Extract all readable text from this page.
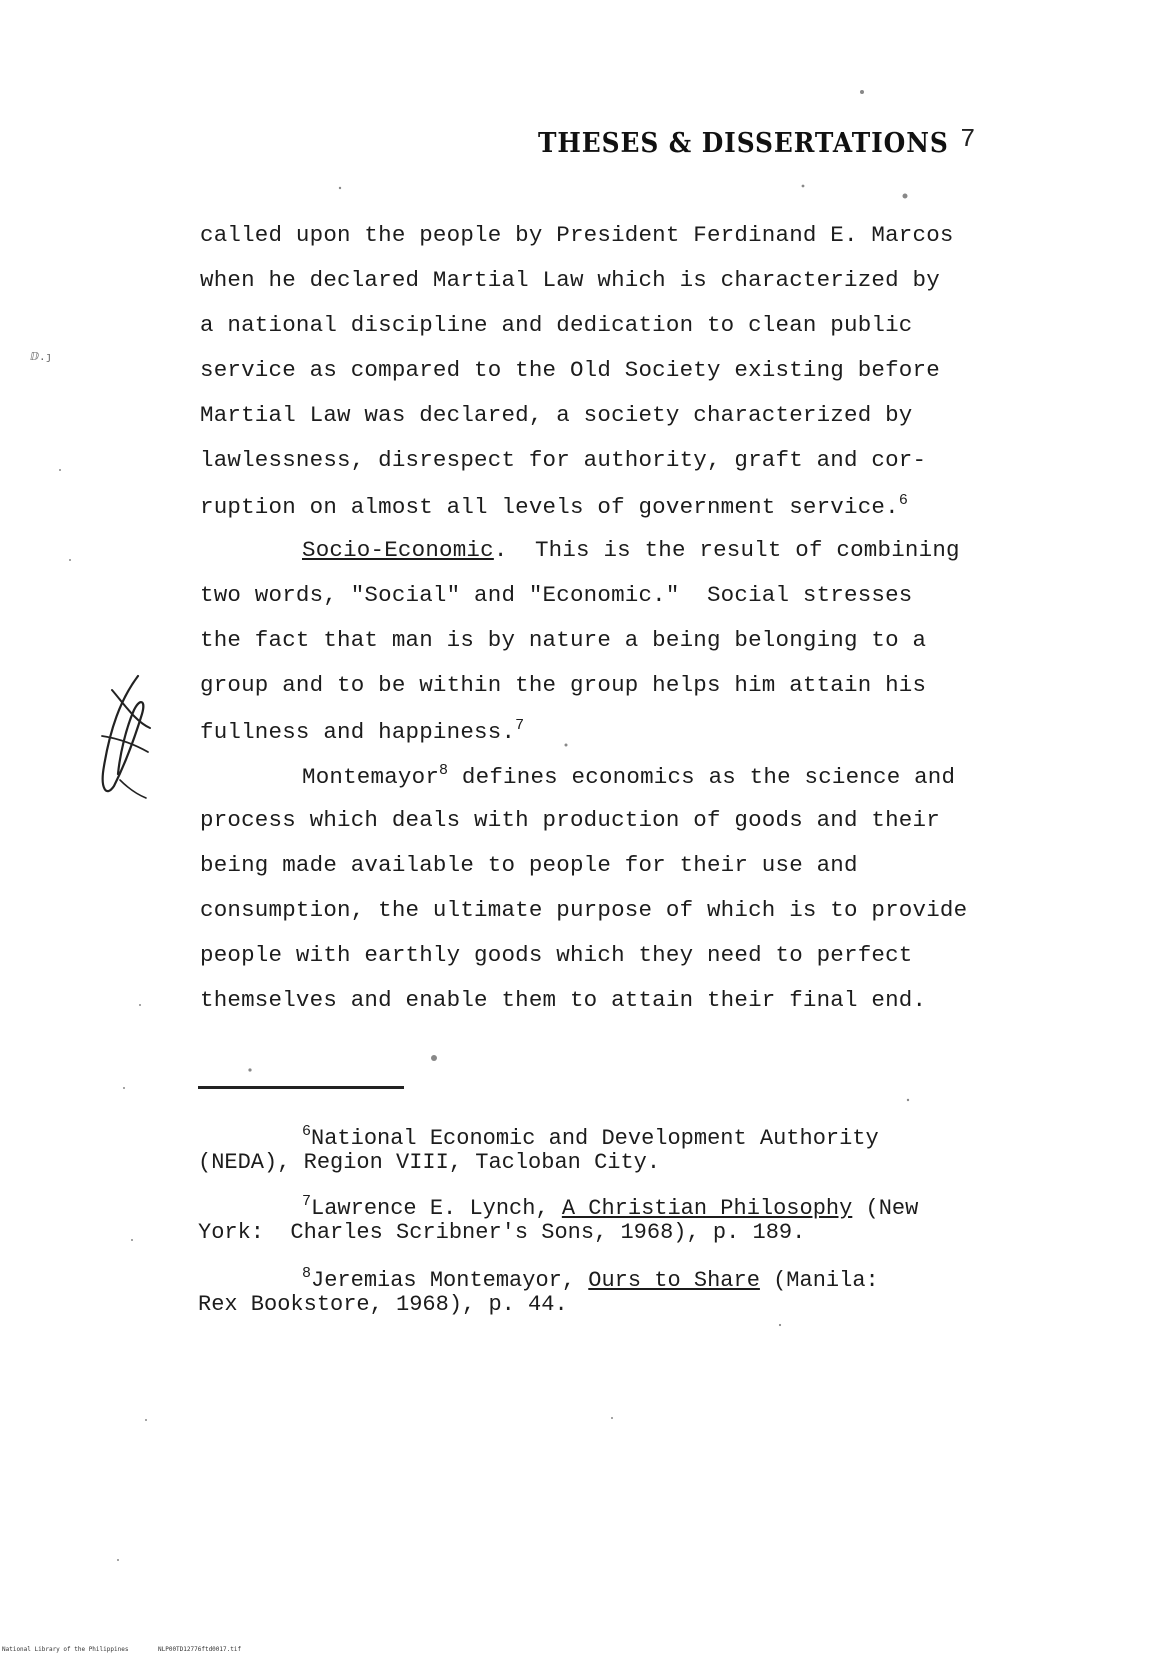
THESES & DISSERTATIONS 7
called upon the people by President Ferdinand E. Marcos
when he declared Martial Law which is characterized by
a national discipline and dedication to clean public
service as compared to the Old Society existing before
Martial Law was declared, a society characterized by
lawlessness, disrespect for authority, graft and cor-
ruption on almost all levels of government service.$^6$
Socio-Economic.  This is the result of combining
two words, "Social" and "Economic."  Social stresses
the fact that man is by nature a being belonging to a
group and to be within the group helps him attain his
fullness and happiness.$^7$
Montemayor$^8$ defines economics as the science and
process which deals with production of goods and their
being made available to people for their use and
consumption, the ultimate purpose of which is to provide
people with earthly goods which they need to perfect
themselves and enable them to attain their final end.
$^6$National Economic and Development Authority
(NEDA), Region VIII, Tacloban City.
$^7$Lawrence E. Lynch, A Christian Philosophy (New
York:  Charles Scribner's Sons, 1968), p. 189.
$^8$Jeremias Montemayor, Ours to Share (Manila:
Rex Bookstore, 1968), p. 44.
ⅅ.ȷ
National Library of the Philippines	NLP00TD12776ftd0017.tif
